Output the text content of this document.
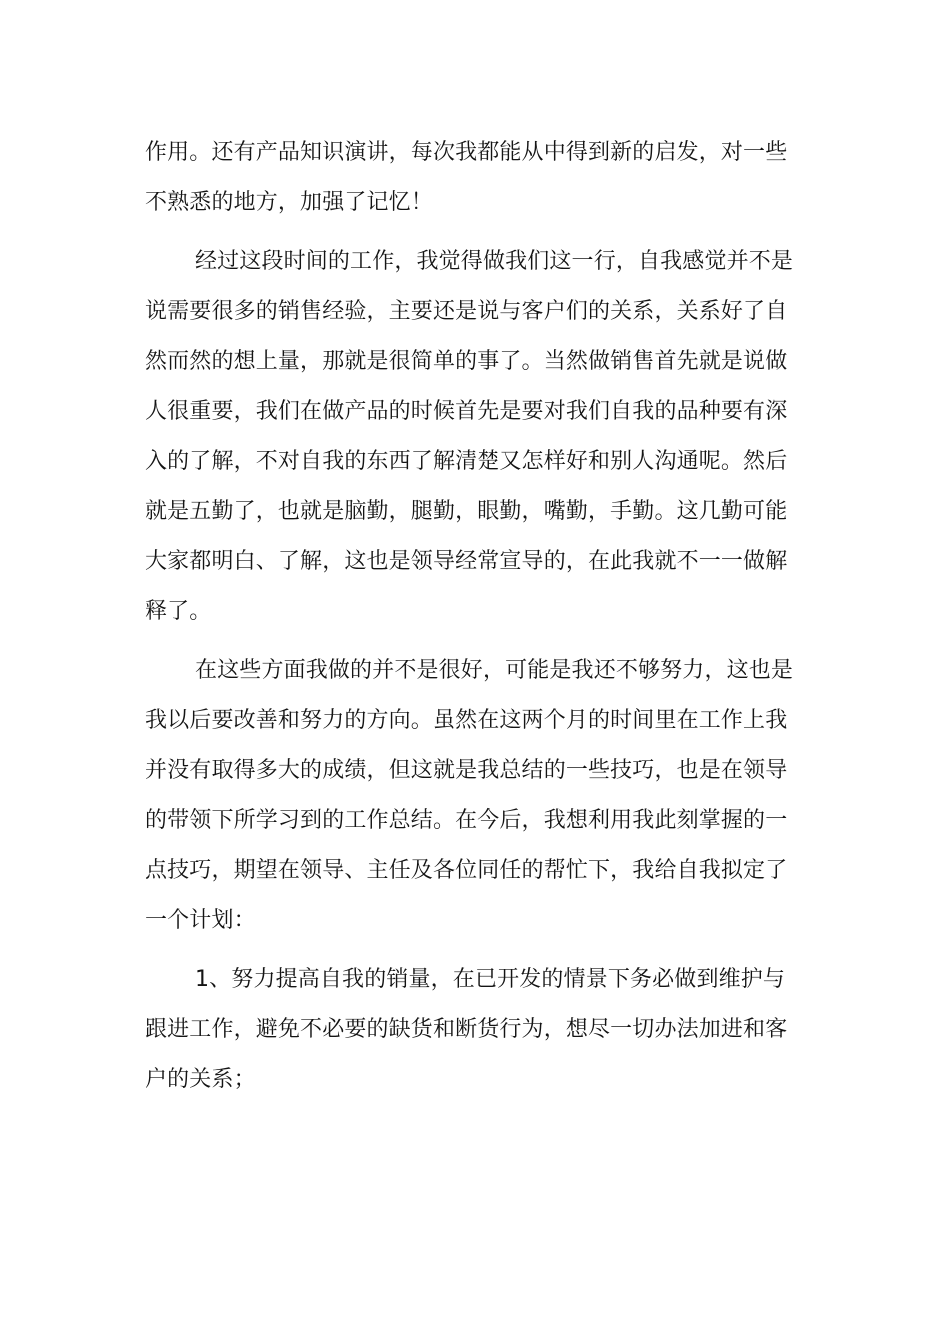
作用。还有产品知识演讲，每次我都能从中得到新的启发，对一些
不熟悉的地方，加强了记忆！
经过这段时间的工作，我觉得做我们这一行，自我感觉并不是
说需要很多的销售经验，主要还是说与客户们的关系，关系好了自
然而然的想上量，那就是很简单的事了。当然做销售首先就是说做
人很重要，我们在做产品的时候首先是要对我们自我的品种要有深
入的了解，不对自我的东西了解清楚又怎样好和别人沟通呢。然后
就是五勤了，也就是脑勤，腿勤，眼勤，嘴勤，手勤。这几勤可能
大家都明白、了解，这也是领导经常宣导的，在此我就不一一做解
释了。
在这些方面我做的并不是很好，可能是我还不够努力，这也是
我以后要改善和努力的方向。虽然在这两个月的时间里在工作上我
并没有取得多大的成绩，但这就是我总结的一些技巧，也是在领导
的带领下所学习到的工作总结。在今后，我想利用我此刻掌握的一
点技巧，期望在领导、主任及各位同任的帮忙下，我给自我拟定了
一个计划：
1、努力提高自我的销量，在已开发的情景下务必做到维护与
跟进工作，避免不必要的缺货和断货行为，想尽一切办法加进和客
户的关系；
